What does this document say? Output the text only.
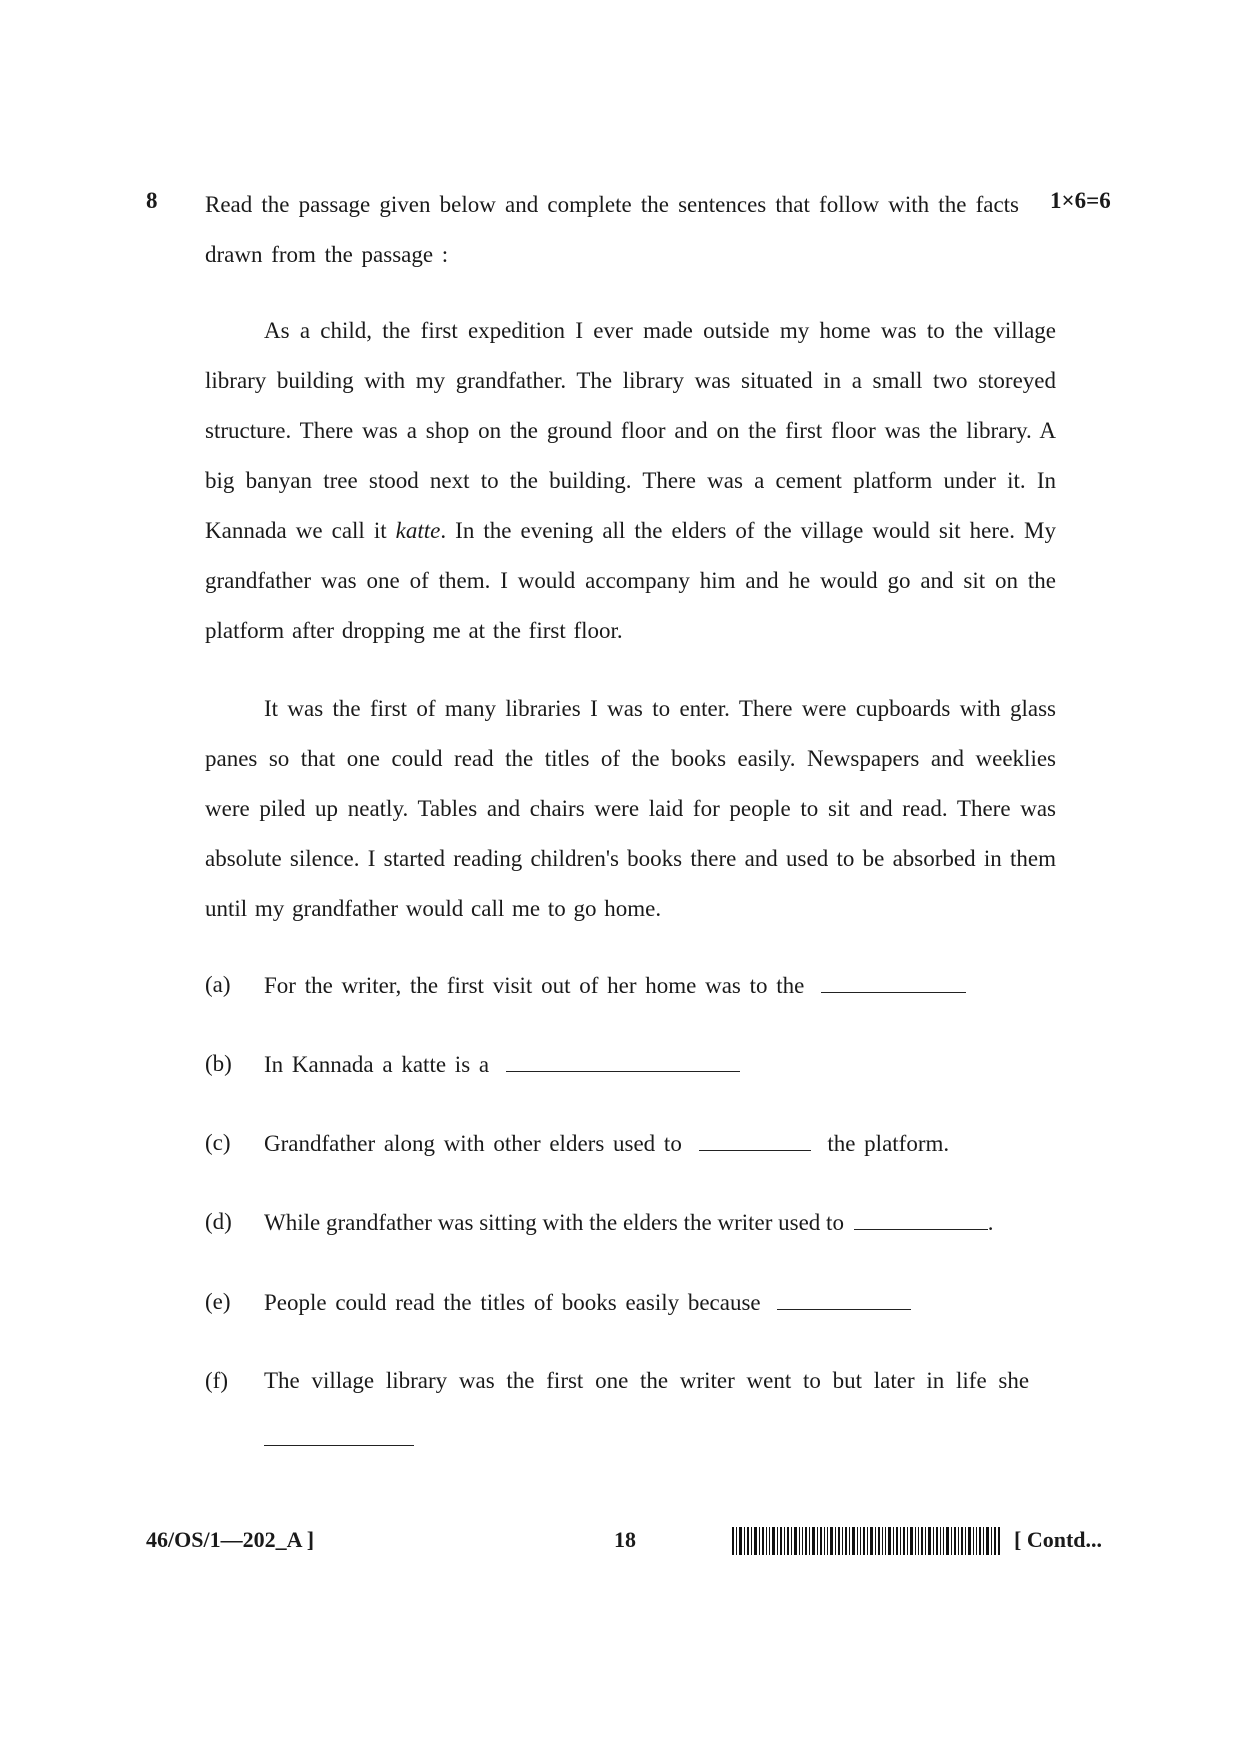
8 Read the passage given below and complete the sentences that follow with the facts drawn from the passage :
1×6=6

As a child, the first expedition I ever made outside my home was to the village library building with my grandfather. The library was situated in a small two storeyed structure. There was a shop on the ground floor and on the first floor was the library. A big banyan tree stood next to the building. There was a cement platform under it. In Kannada we call it katte. In the evening all the elders of the village would sit here. My grandfather was one of them. I would accompany him and he would go and sit on the platform after dropping me at the first floor.

It was the first of many libraries I was to enter. There were cupboards with glass panes so that one could read the titles of the books easily. Newspapers and weeklies were piled up neatly. Tables and chairs were laid for people to sit and read. There was absolute silence. I started reading children's books there and used to be absorbed in them until my grandfather would call me to go home.

(a) For the writer, the first visit out of her home was to the
(b) In Kannada a katte is a
(c) Grandfather along with other elders used to	the platform.
(d) While grandfather was sitting with the elders the writer used to	.
(e) People could read the titles of books easily because
(f) The village library was the first one the writer went to but later in life she
46/OS/1—202_A ]	18	[ Contd...
